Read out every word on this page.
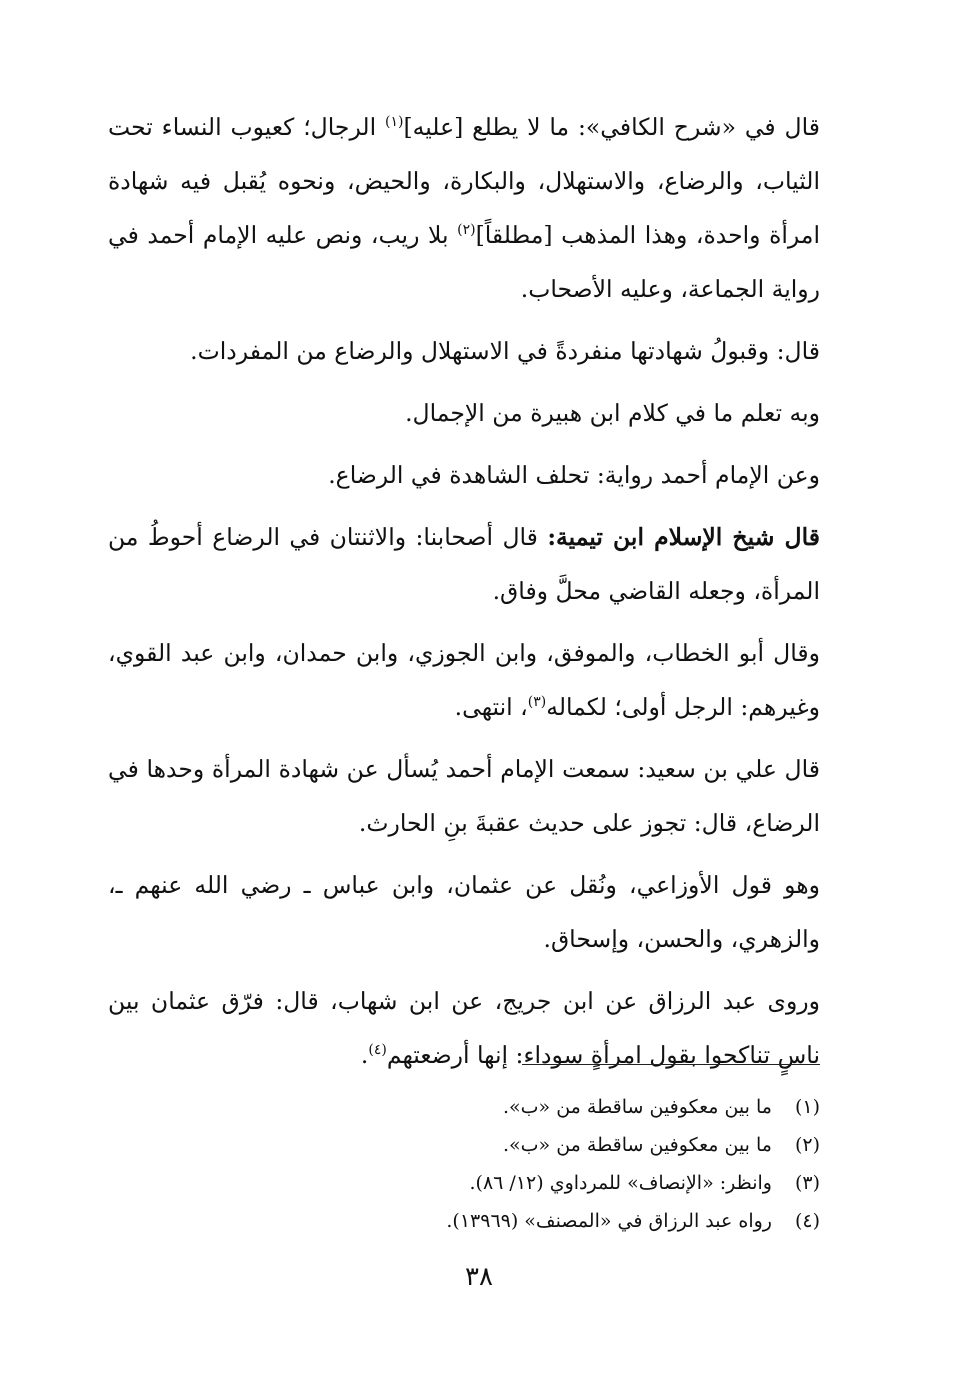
قال في «شرح الكافي»: ما لا يطلع [عليه]$^{(١)}$ الرجال؛ كعيوب النساء تحت الثياب، والرضاع، والاستهلال، والبكارة، والحيض، ونحوه يُقبل فيه شهادة امرأة واحدة، وهذا المذهب [مطلقاً]$^{(٢)}$ بلا ريب، ونص عليه الإمام أحمد في رواية الجماعة، وعليه الأصحاب.

قال: وقبولُ شهادتها منفردةً في الاستهلال والرضاع من المفردات.

وبه تعلم ما في كلام ابن هبيرة من الإجمال.

وعن الإمام أحمد رواية: تحلف الشاهدة في الرضاع.

قال شيخ الإسلام ابن تيمية: قال أصحابنا: والاثنتان في الرضاع أحوطُ من المرأة، وجعله القاضي محلَّ وفاق.

وقال أبو الخطاب، والموفق، وابن الجوزي، وابن حمدان، وابن عبد القوي، وغيرهم: الرجل أولى؛ لكماله$^{(٣)}$، انتهى.

قال علي بن سعيد: سمعت الإمام أحمد يُسأل عن شهادة المرأة وحدها في الرضاع، قال: تجوز على حديث عقبةَ بنِ الحارث.

وهو قول الأوزاعي، ونُقل عن عثمان، وابن عباس ـ رضي الله عنهم ـ، والزهري، والحسن، وإسحاق.

وروى عبد الرزاق عن ابن جريج، عن ابن شهاب، قال: فرّق عثمان بين ناسٍ تناكحوا بقول امرأةٍ سوداء: إنها أرضعتهم$^{(٤)}$.

(١) ما بين معكوفين ساقطة من «ب».
(٢) ما بين معكوفين ساقطة من «ب».
(٣) وانظر: «الإنصاف» للمرداوي (١٢/ ٨٦).
(٤) رواه عبد الرزاق في «المصنف» (١٣٩٦٩).
٣٨
